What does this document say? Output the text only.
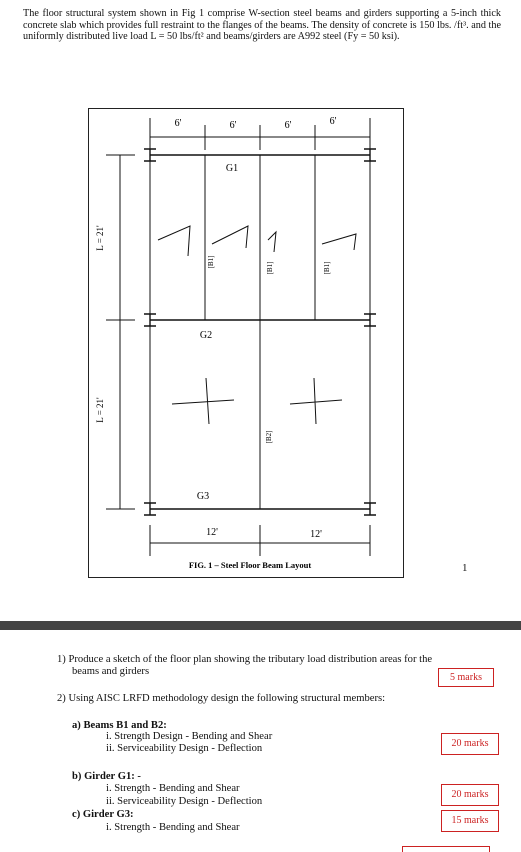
The floor structural system shown in Fig 1 comprise W-section steel beams and girders supporting a 5-inch thick concrete slab which provides full restraint to the flanges of the beams. The density of concrete is 150 lbs. /ft³. and the uniformly distributed live load L = 50 lbs/ft² and beams/girders are A992 steel (Fy = 50 ksi).
6'	6'	6'	6'
12'	12'
L = 21'
L = 21'
G1
G2
G3
[B1]	[B1]	[B1]
[B2]
FIG. 1 – Steel Floor Beam Layout	1
1) Produce a sketch of the floor plan showing the tributary load distribution areas for the
beams and girders
5 marks
2) Using AISC LRFD methodology design the following structural members:
a) Beams B1 and B2:
i. Strength Design - Bending and Shear
ii. Serviceability Design - Deflection	20 marks
b) Girder G1: -
i. Strength - Bending and Shear
ii. Serviceability Design - Deflection
20 marks
c) Girder G3:
i. Strength - Bending and Shear
15 marks
